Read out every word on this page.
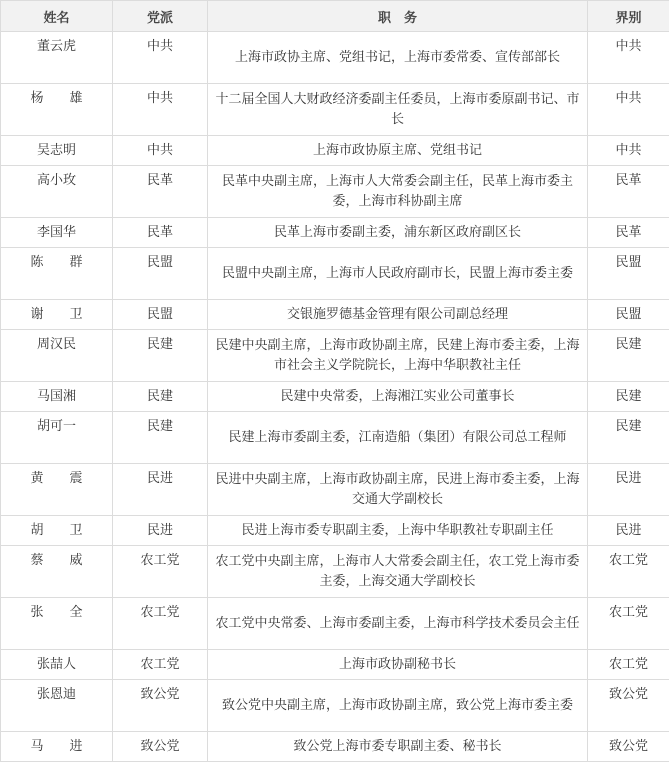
姓名	党派	职　务	界别
董云虎	中共	上海市政协主席、党组书记，上海市委常委、宣传部部长	中共
杨　　雄	中共	十二届全国人大财政经济委副主任委员，上海市委原副书记、市长	中共
吴志明	中共	上海市政协原主席、党组书记	中共
高小玫	民革	民革中央副主席，上海市人大常委会副主任，民革上海市委主委，上海市科协副主席	民革
李国华	民革	民革上海市委副主委，浦东新区政府副区长	民革
陈　　群	民盟	民盟中央副主席，上海市人民政府副市长，民盟上海市委主委	民盟
谢　　卫	民盟	交银施罗德基金管理有限公司副总经理	民盟
周汉民	民建	民建中央副主席，上海市政协副主席，民建上海市委主委，上海市社会主义学院院长，上海中华职教社主任	民建
马国湘	民建	民建中央常委，上海湘江实业公司董事长	民建
胡可一	民建	民建上海市委副主委，江南造船（集团）有限公司总工程师	民建
黄　　震	民进	民进中央副主席，上海市政协副主席，民进上海市委主委，上海交通大学副校长	民进
胡　　卫	民进	民进上海市委专职副主委，上海中华职教社专职副主任	民进
蔡　　威	农工党	农工党中央副主席，上海市人大常委会副主任，农工党上海市委主委，上海交通大学副校长	农工党
张　　全	农工党	农工党中央常委、上海市委副主委，上海市科学技术委员会主任	农工党
张喆人	农工党	上海市政协副秘书长	农工党
张恩迪	致公党	致公党中央副主席，上海市政协副主席，致公党上海市委主委	致公党
马　　进	致公党	致公党上海市委专职副主委、秘书长	致公党
